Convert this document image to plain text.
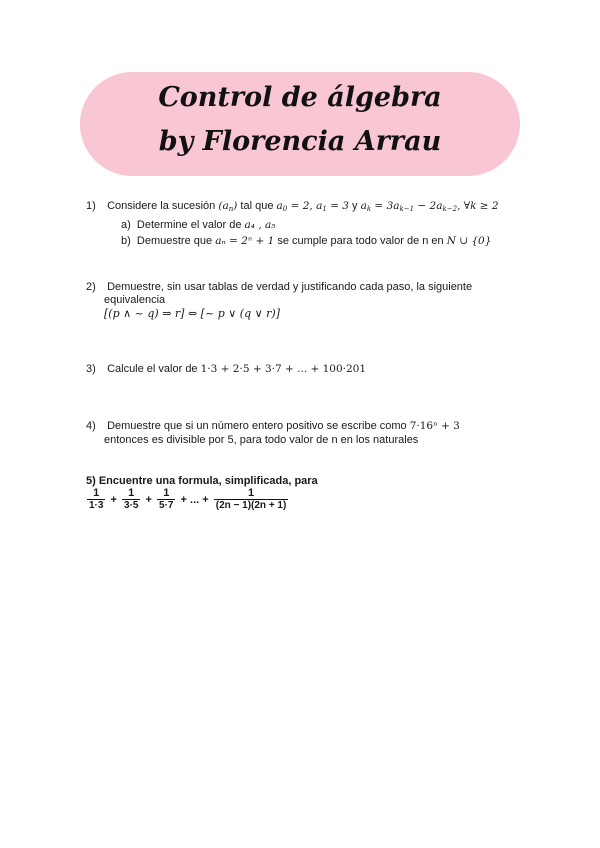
Control de álgebra
by Florencia Arrau
1) Considere la sucesión $(a_n)$ tal que $a_0 = 2$, $a_1 = 3$ y $a_k = 3a_{k-1} - 2a_{k-2}$, ∀k ≥ 2
a) Determine el valor de a₄ , a₅
b) Demuestre que aₙ = 2ⁿ + 1 se cumple para todo valor de n en N ∪ {0}
2) Demuestre, sin usar tablas de verdad y justificando cada paso, la siguiente
equivalencia
[(p ∧ ~ q) ⇒ r] ⇔ [~ p ∨ (q ∨ r)]
3) Calcule el valor de 1·3 + 2·5 + 3·7 + ... + 100·201
4) Demuestre que si un número entero positivo se escribe como 7·16ⁿ + 3
entonces es divisible por 5, para todo valor de n en los naturales
5) Encuentre una formula, simplificada, para
$\frac{1}{1\cdot 3} + \frac{1}{3\cdot 5} + \frac{1}{5\cdot 7}$ + ... + $\frac{1}{(2n - 1)(2n + 1)}$
